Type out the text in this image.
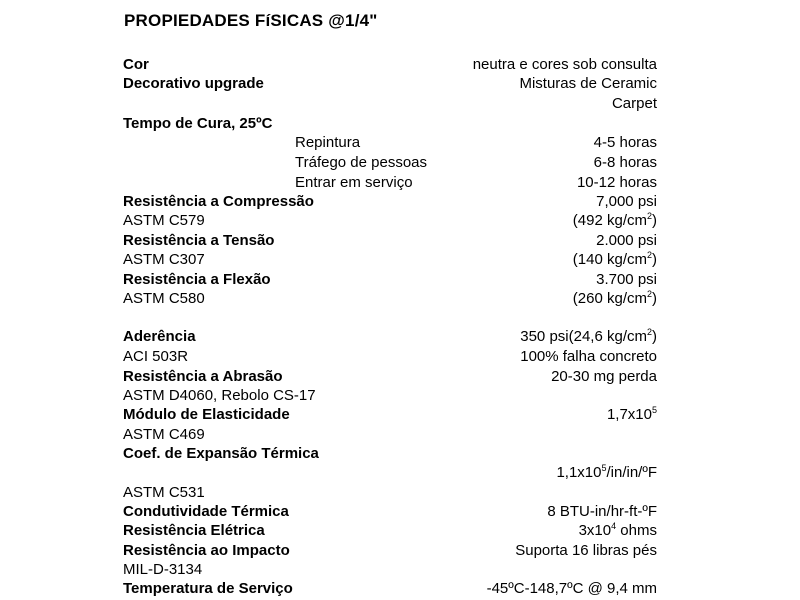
PROPIEDADES FíSICAS @1/4"
Cor	neutra e cores sob consulta
Decorativo upgrade	Misturas de Ceramic
Carpet
Tempo de Cura, 25ºC
Repintura	4-5 horas
Tráfego de pessoas	6-8 horas
Entrar em serviço	10-12 horas
Resistência a Compressão	7,000 psi
ASTM C579	(492 $kg/cm^2$)
Resistência a Tensão	2.000 psi
ASTM C307	(140 $kg/cm^2$)
Resistência a Flexão	3.700 psi
ASTM C580	(260 $kg/cm^2$)
Aderência	350 psi(24,6 $kg/cm^2$)
ACI 503R	100% falha concreto
Resistência a Abrasão	20-30 mg perda
ASTM D4060, Rebolo CS-17
Módulo de Elasticidade	$1,7x10^5$
ASTM C469
Coef. de Expansão Térmica
$1,1x10^5/in/in/ºF$
ASTM C531
Condutividade Térmica	8 BTU-in/hr-ft-ºF
Resistência Elétrica	$3x10^4$ ohms
Resistência ao Impacto	Suporta 16 libras pés
MIL-D-3134
Temperatura de Serviço	-45ºC-148,7ºC @ 9,4 mm
